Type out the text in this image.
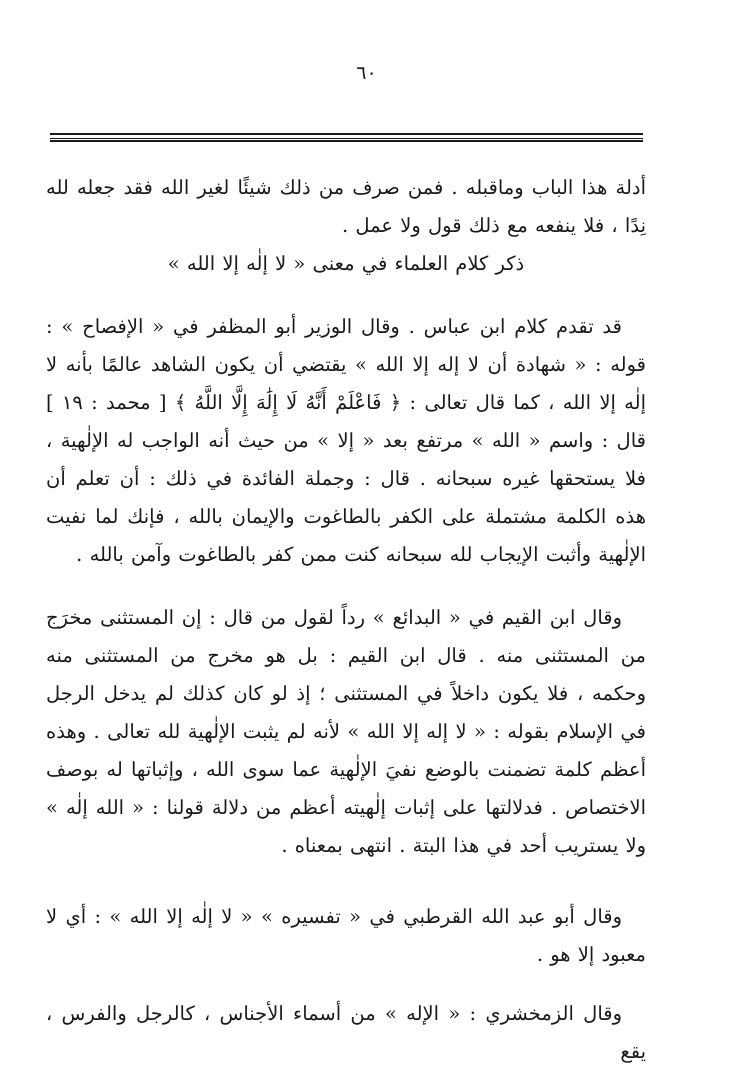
٦٠

أدلة هذا الباب وماقبله . فمن صرف من ذلك شيئًا لغير الله فقد جعله لله نِدًا ، فلا ينفعه مع ذلك قول ولا عمل .

ذكر كلام العلماء في معنى « لا إلٰه إلا الله »

قد تقدم كلام ابن عباس . وقال الوزير أبو المظفر في « الإفصاح » : قوله : « شهادة أن لا إله إلا الله » يقتضي أن يكون الشاهد عالمًا بأنه لا إلٰه إلا الله ، كما قال تعالى : ﴿ فَاعْلَمْ أَنَّهُ لَا إِلَٰهَ إِلَّا اللَّهُ ﴾ [ محمد : ١٩ ] قال : واسم « الله » مرتفع بعد « إلا » من حيث أنه الواجب له الإلٰهية ، فلا يستحقها غيره سبحانه . قال : وجملة الفائدة في ذلك : أن تعلم أن هذه الكلمة مشتملة على الكفر بالطاغوت والإيمان بالله ، فإنك لما نفيت الإلٰهية وأثبت الإيجاب لله سبحانه كنت ممن كفر بالطاغوت وآمن بالله .

وقال ابن القيم في « البدائع » رداً لقول من قال : إن المستثنى مخرَج من المستثنى منه . قال ابن القيم : بل هو مخرج من المستثنى منه وحكمه ، فلا يكون داخلاً في المستثنى ؛ إذ لو كان كذلك لم يدخل الرجل في الإسلام بقوله : « لا إله إلا الله » لأنه لم يثبت الإلٰهية لله تعالى . وهذه أعظم كلمة تضمنت بالوضع نفيَ الإلٰهية عما سوى الله ، وإثباتها له بوصف الاختصاص . فدلالتها على إثبات إلٰهيته أعظم من دلالة قولنا : « الله إلٰه » ولا يستريب أحد في هذا البتة . انتهى بمعناه .

وقال أبو عبد الله القرطبي في « تفسيره » « لا إلٰه إلا الله » : أي لا معبود إلا هو .

وقال الزمخشري : « الإله » من أسماء الأجناس ، كالرجل والفرس ، يقع
